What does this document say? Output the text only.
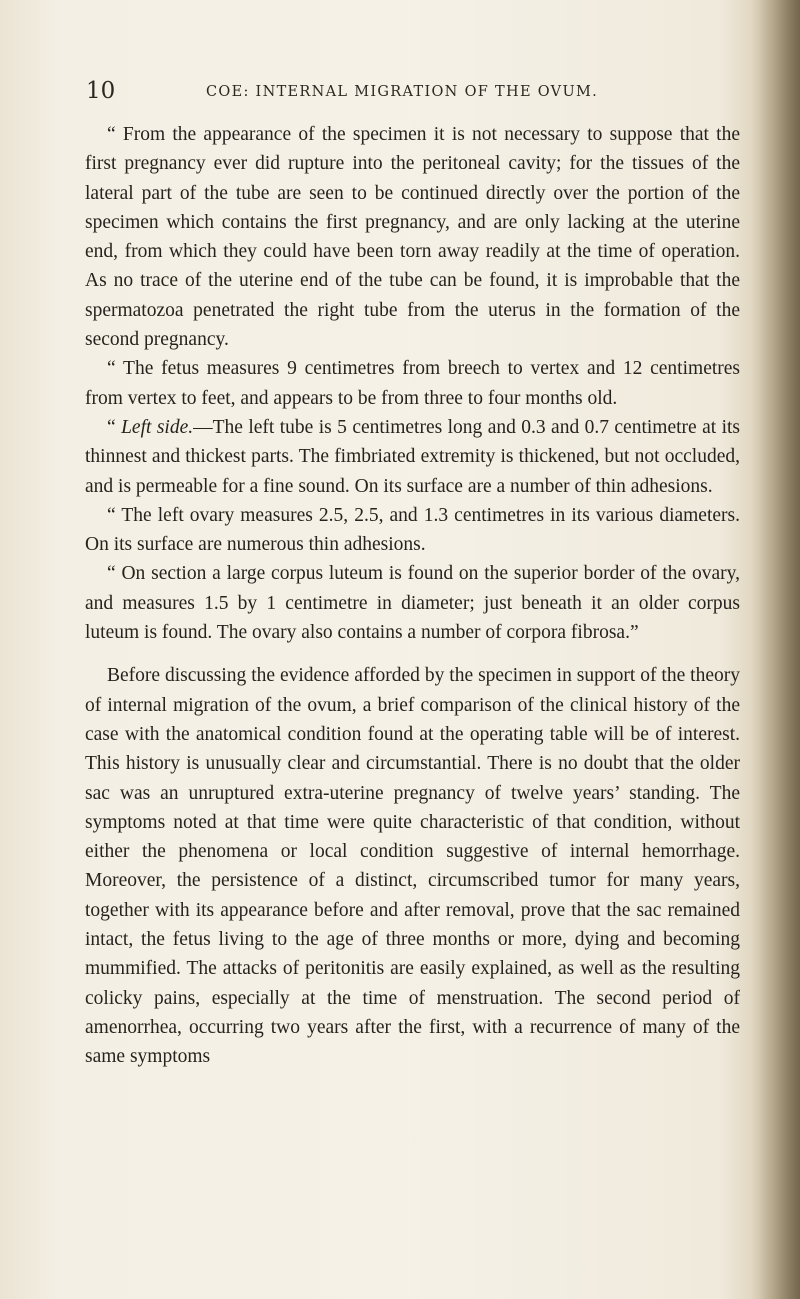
10	COE: INTERNAL MIGRATION OF THE OVUM.

“ From the appearance of the specimen it is not necessary to suppose that the first pregnancy ever did rupture into the peritoneal cavity; for the tissues of the lateral part of the tube are seen to be continued directly over the portion of the specimen which contains the first pregnancy, and are only lacking at the uterine end, from which they could have been torn away readily at the time of operation. As no trace of the uterine end of the tube can be found, it is improbable that the spermatozoa penetrated the right tube from the uterus in the formation of the second pregnancy.

“ The fetus measures 9 centimetres from breech to vertex and 12 centimetres from vertex to feet, and appears to be from three to four months old.

“ Left side.—The left tube is 5 centimetres long and 0.3 and 0.7 centimetre at its thinnest and thickest parts. The fimbriated extremity is thickened, but not occluded, and is permeable for a fine sound. On its surface are a number of thin adhesions.

“ The left ovary measures 2.5, 2.5, and 1.3 centimetres in its various diameters. On its surface are numerous thin adhesions.

“ On section a large corpus luteum is found on the superior border of the ovary, and measures 1.5 by 1 centimetre in diameter; just beneath it an older corpus luteum is found. The ovary also contains a number of corpora fibrosa.”

Before discussing the evidence afforded by the specimen in support of the theory of internal migration of the ovum, a brief comparison of the clinical history of the case with the anatomical condition found at the operating table will be of interest. This history is unusually clear and circumstantial. There is no doubt that the older sac was an unruptured extra-uterine pregnancy of twelve years’ standing. The symptoms noted at that time were quite characteristic of that condition, without either the phenomena or local condition suggestive of internal hemorrhage. Moreover, the persistence of a distinct, circumscribed tumor for many years, together with its appearance before and after removal, prove that the sac remained intact, the fetus living to the age of three months or more, dying and becoming mummified. The attacks of peritonitis are easily explained, as well as the resulting colicky pains, especially at the time of menstruation. The second period of amenorrhea, occurring two years after the first, with a recurrence of many of the same symptoms
